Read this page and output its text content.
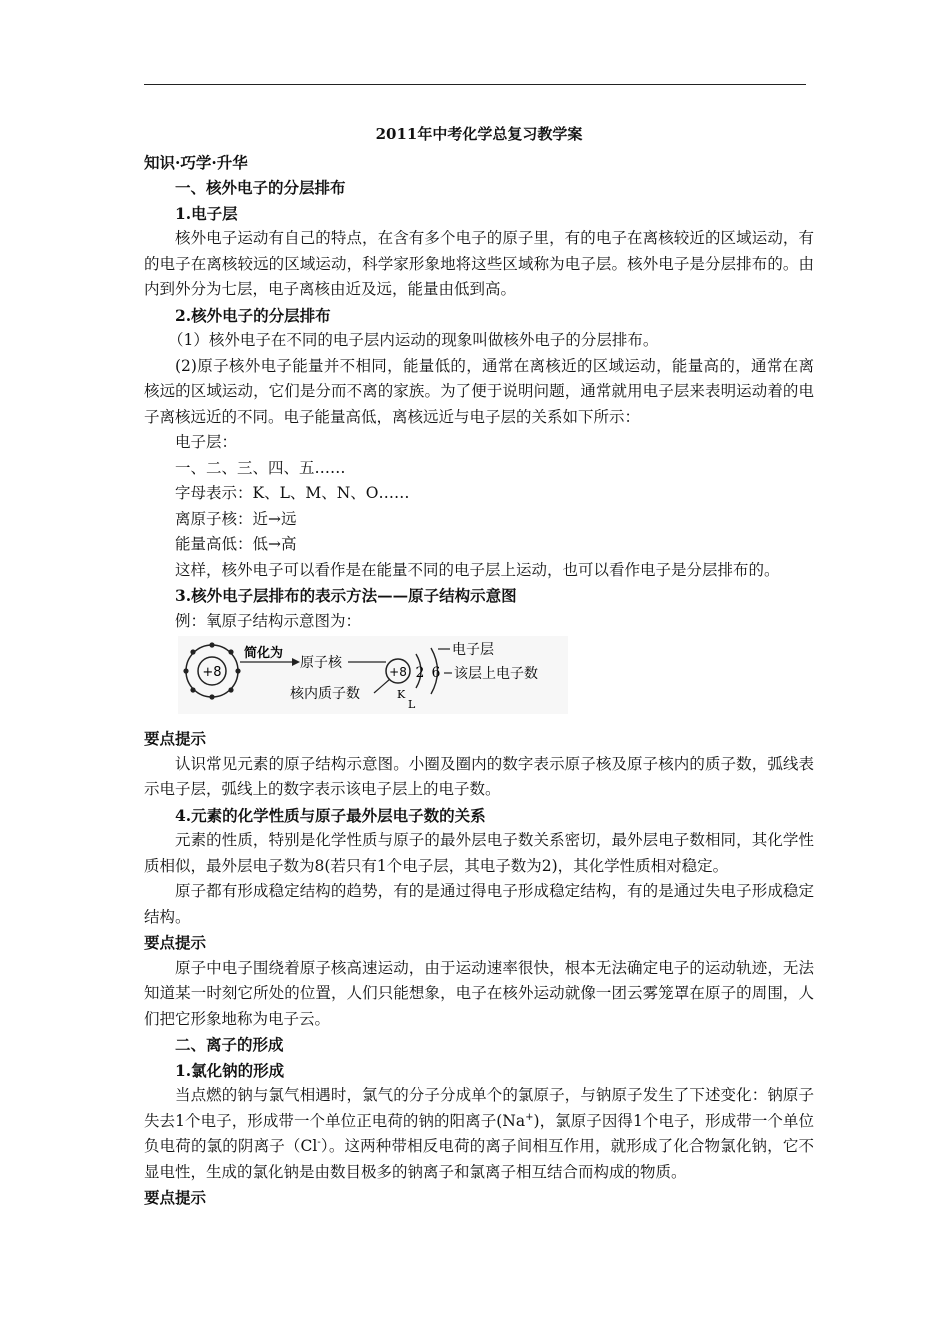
2011年中考化学总复习教学案
知识·巧学·升华
一、核外电子的分层排布
1.电子层

核外电子运动有自己的特点，在含有多个电子的原子里，有的电子在离核较近的区域运动，有的电子在离核较远的区域运动，科学家形象地将这些区域称为电子层。核外电子是分层排布的。由内到外分为七层，电子离核由近及远，能量由低到高。

2.核外电子的分层排布

（1）核外电子在不同的电子层内运动的现象叫做核外电子的分层排布。

(2)原子核外电子能量并不相同，能量低的，通常在离核近的区域运动，能量高的，通常在离核远的区域运动，它们是分而不离的家族。为了便于说明问题，通常就用电子层来表明运动着的电子离核远近的不同。电子能量高低，离核远近与电子层的关系如下所示：

电子层：
一、二、三、四、五……
字母表示：K、L、M、N、O……
离原子核：近→远
能量高低：低→高

这样，核外电子可以看作是在能量不同的电子层上运动，也可以看作电子是分层排布的。

3.核外电子层排布的表示方法——原子结构示意图
例：氧原子结构示意图为：
+8
简化为
原子核
+8 2 6
电子层
该层上电子数
核内质子数	K
L
要点提示

认识常见元素的原子结构示意图。小圈及圈内的数字表示原子核及原子核内的质子数，弧线表示电子层，弧线上的数字表示该电子层上的电子数。

4.元素的化学性质与原子最外层电子数的关系

元素的性质，特别是化学性质与原子的最外层电子数关系密切，最外层电子数相同，其化学性质相似，最外层电子数为8(若只有1个电子层，其电子数为2)，其化学性质相对稳定。

原子都有形成稳定结构的趋势，有的是通过得电子形成稳定结构，有的是通过失电子形成稳定结构。

要点提示

原子中电子围绕着原子核高速运动，由于运动速率很快，根本无法确定电子的运动轨迹，无法知道某一时刻它所处的位置，人们只能想象，电子在核外运动就像一团云雾笼罩在原子的周围，人们把它形象地称为电子云。

二、离子的形成
1.氯化钠的形成

当点燃的钠与氯气相遇时，氯气的分子分成单个的氯原子，与钠原子发生了下述变化：钠原子失去1个电子，形成带一个单位正电荷的钠的阳离子(Na+)，氯原子因得1个电子，形成带一个单位负电荷的氯的阴离子（Cl-）。这两种带相反电荷的离子间相互作用，就形成了化合物氯化钠，它不显电性，生成的氯化钠是由数目极多的钠离子和氯离子相互结合而构成的物质。

要点提示
